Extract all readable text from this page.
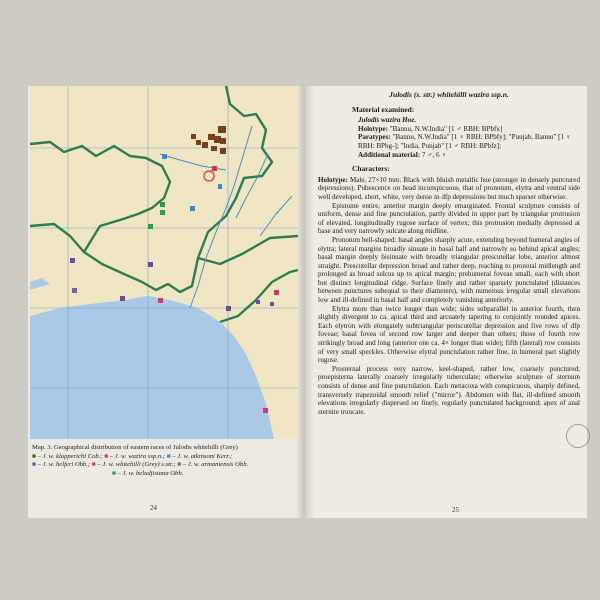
Map. 3. Geographical distribution of eastern races of Julodis whitehilli (Grey)
■ – J. w. klapperichi Cob.; ■ – J. w. wazira ssp.n.; ■ – J. w. atkinsoni Kerr.;
■ – J. w. helferi Obb.; ■ – J. w. whitehilli (Grey) s.str.; ■ – J. w. armaniensis Obb.
■ – J. w. beludjistana Obb.
24
Julodis (s. str.) whitehilli wazira ssp.n.
Material examined:
Julodis wazira Hoe.
Holotype: "Bannu, N.W.India" [1 ♂ RBH: BPbfx]
Paratypes: "Bannu, N.W.India" [1 ♀ RBH: BPbfy]; "Punjab, Bannu" [1 ♀ RBH: BPbg-]; "India, Punjab" [1 ♂ RBH: BPbfz];
Additional material: 7 ♂, 6 ♀
Characters:

Holotype: Male, 27×10 mm. Black with bluish metallic hue (stronger in densely punctured depressions). Pubescence on head inconspicuous, that of pronotum, elytra and ventral side well developed, short, white, very dense in dfp depressions but much sparser otherwise.

Epistome entire, anterior margin deeply emarginated. Frontal sculpture consists of uniform, dense and fine punctulation, partly divided in upper part by triangular protrusion of elevated, longitudinally rugose surface of vertex; this protrusion medially depressed at base and very narrowly sulcate along midline.

Pronotum bell-shaped: basal angles sharply acute, extending beyond humeral angles of elytra; lateral margins broadly sinuate in basal half and narrowly so behind apical angles; basal margin deeply bisinuate with broadly triangular prescutellar lobe, anterior almost straight. Prescutellar depression broad and rather deep, reaching to pronotal midlength and prolonged as broad sulcus up to apical margin; prehumeral foveae small, each with short but distinct longitudinal ridge. Surface finely and rather sparsely punctulated (distances between punctures subequal to their diameters), with numerous irregular small elevations low and ill-defined in basal half and completely vanishing anteriorly.

Elytra more than twice longer than wide; sides subparallel in anterior fourth, then slightly divergent to ca. apical third and arcuately tapering to conjointly rounded apices. Each elytron with elongately subtriangular periscutellar depression and five rows of dfp foveae; basal fovea of second row larger and deeper than others; those of fourth row strikingly broad and long (anterior one ca. 4× longer than wide); fifth (lateral) row consists of very small speckles. Otherwise elytral punctulation rather fine, in humeral part slightly rugose.

Prosternal process very narrow, keel-shaped, rather low, coarsely punctured; proepisterna laterally coarsely irregularly tuberculate; otherwise sculpture of sternum consists of dense and fine punctulation. Each metacoxa with conspicuous, sharply defined, transversely trapezoidal smooth relief ("mirror"). Abdomen with flat, ill-defined smooth elevations irregularly dispersed on finely, regularly punctulated background; apex of anal sternite truncate.

25
